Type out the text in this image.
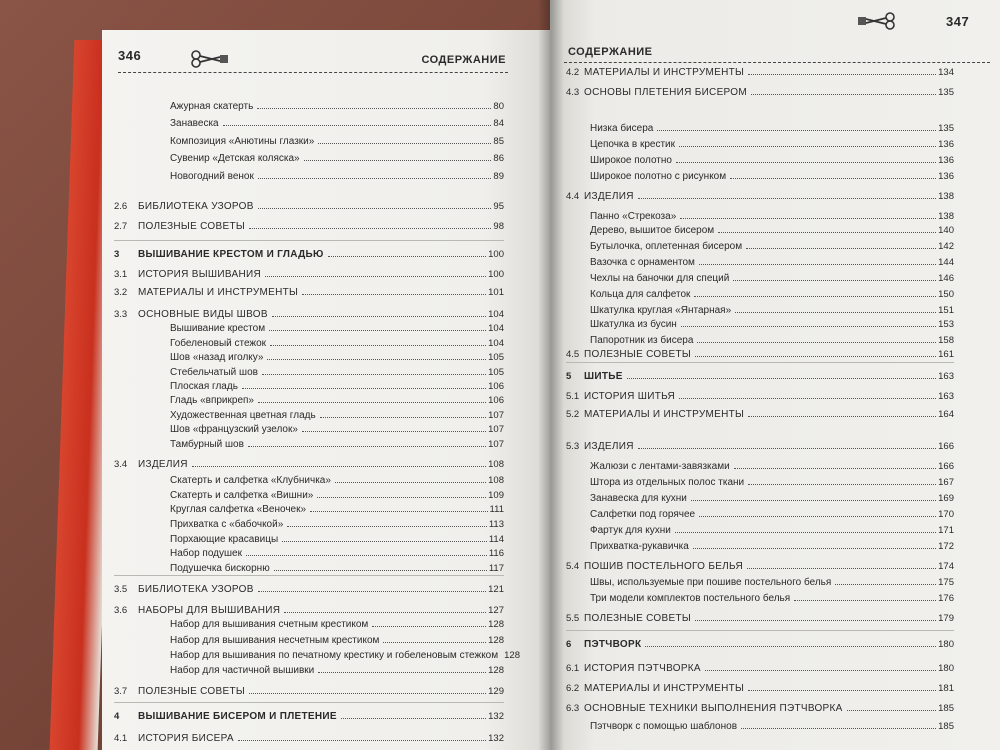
346	СОДЕРЖАНИЕ
Ажурная скатерть	80
Занавеска	84
Композиция «Анютины глазки»	85
Сувенир «Детская коляска»	86
Новогодний венок	89
2.6 БИБЛИОТЕКА УЗОРОВ	95
2.7 ПОЛЕЗНЫЕ СОВЕТЫ	98
3 ВЫШИВАНИЕ КРЕСТОМ И ГЛАДЬЮ	100
3.1 ИСТОРИЯ ВЫШИВАНИЯ	100
3.2 МАТЕРИАЛЫ И ИНСТРУМЕНТЫ	101
3.3 ОСНОВНЫЕ ВИДЫ ШВОВ	104
Вышивание крестом	104
Гобеленовый стежок	104
Шов «назад иголку»	105
Стебельчатый шов	105
Плоская гладь	106
Гладь «вприкреп»	106
Художественная цветная гладь	107
Шов «французский узелок»	107
Тамбурный шов	107
3.4 ИЗДЕЛИЯ	108
Скатерть и салфетка «Клубничка»	108
Скатерть и салфетка «Вишни»	109
Круглая салфетка «Веночек»	111
Прихватка с «бабочкой»	113
Порхающие красавицы	114
Набор подушек	116
Подушечка бискорню	117
3.5 БИБЛИОТЕКА УЗОРОВ	121
3.6 НАБОРЫ ДЛЯ ВЫШИВАНИЯ	127
Набор для вышивания счетным крестиком	128
Набор для вышивания несчетным крестиком	128
Набор для вышивания по печатному крестику и гобеленовым стежком 128
Набор для частичной вышивки	128
3.7 ПОЛЕЗНЫЕ СОВЕТЫ	129
4 ВЫШИВАНИЕ БИСЕРОМ И ПЛЕТЕНИЕ	132
4.1 ИСТОРИЯ БИСЕРА	132
347
СОДЕРЖАНИЕ
4.2 МАТЕРИАЛЫ И ИНСТРУМЕНТЫ	134
4.3 ОСНОВЫ ПЛЕТЕНИЯ БИСЕРОМ	135
Низка бисера	135
Цепочка в крестик	136
Широкое полотно	136
Широкое полотно с рисунком	136
4.4 ИЗДЕЛИЯ	138
Панно «Стрекоза»	138
Дерево, вышитое бисером	140
Бутылочка, оплетенная бисером	142
Вазочка с орнаментом	144
Чехлы на баночки для специй	146
Кольца для салфеток	150
Шкатулка круглая «Янтарная»	151
Шкатулка из бусин	153
Папоротник из бисера	158
4.5 ПОЛЕЗНЫЕ СОВЕТЫ	161
5 ШИТЬЕ	163
5.1 ИСТОРИЯ ШИТЬЯ	163
5.2 МАТЕРИАЛЫ И ИНСТРУМЕНТЫ	164
5.3 ИЗДЕЛИЯ	166
Жалюзи с лентами-завязками	166
Штора из отдельных полос ткани	167
Занавеска для кухни	169
Салфетки под горячее	170
Фартук для кухни	171
Прихватка-рукавичка	172
5.4 ПОШИВ ПОСТЕЛЬНОГО БЕЛЬЯ	174
Швы, используемые при пошиве постельного белья	175
Три модели комплектов постельного белья	176
5.5 ПОЛЕЗНЫЕ СОВЕТЫ	179
6 ПЭТЧВОРК	180
6.1 ИСТОРИЯ ПЭТЧВОРКА	180
6.2 МАТЕРИАЛЫ И ИНСТРУМЕНТЫ	181
6.3 ОСНОВНЫЕ ТЕХНИКИ ВЫПОЛНЕНИЯ ПЭТЧВОРКА	185
Пэтчворк с помощью шаблонов	185
